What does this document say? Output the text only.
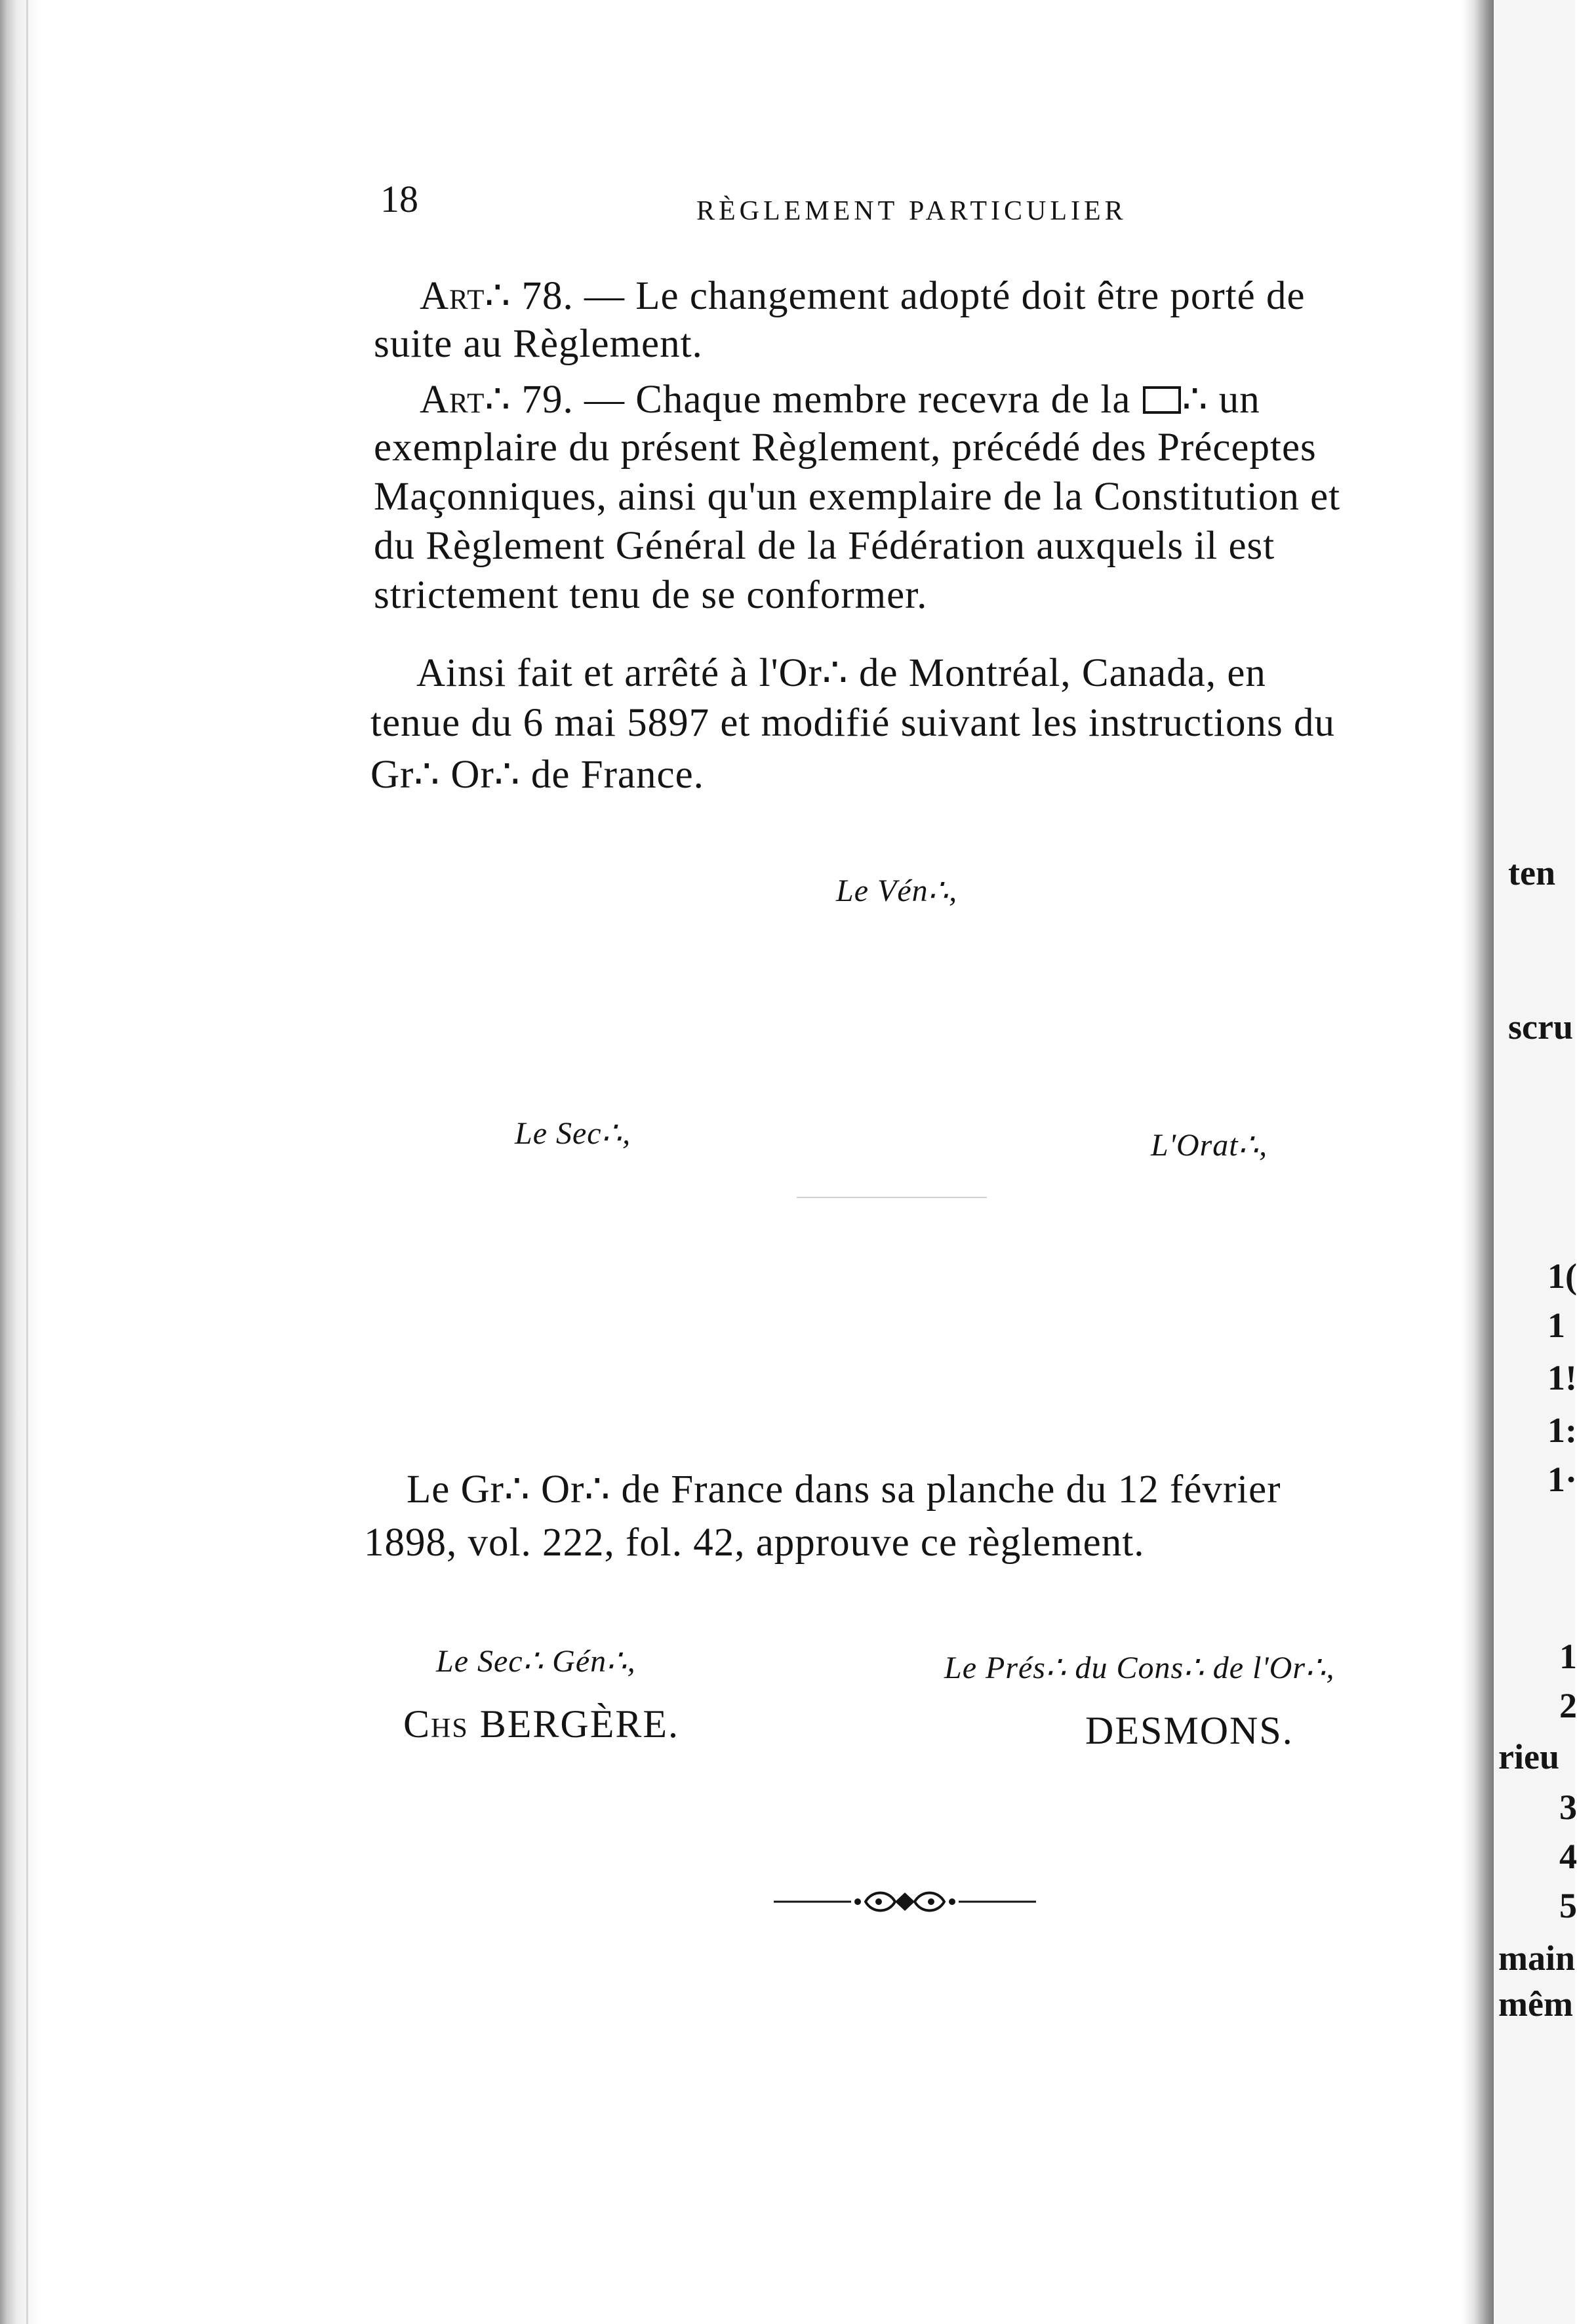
18	RÈGLEMENT PARTICULIER
Art∴ 78. — Le changement adopté doit être porté de
suite au Règlement.
Art∴ 79. — Chaque membre recevra de la ∴ un
exemplaire du présent Règlement, précédé des Préceptes
Maçonniques, ainsi qu'un exemplaire de la Constitution et
du Règlement Général de la Fédération auxquels il est
strictement tenu de se conformer.
Ainsi fait et arrêté à l'Or∴ de Montréal, Canada, en
tenue du 6 mai 5897 et modifié suivant les instructions du
Gr∴ Or∴ de France.
Le Vén∴,
Le Sec∴,	L'Orat∴,
Le Gr∴ Or∴ de France dans sa planche du 12 février
1898, vol. 222, fol. 42, approuve ce règlement.
Le Sec∴ Gén∴,	Le Prés∴ du Cons∴ de l'Or∴,
Chs BERGÈRE.	DESMONS.
ten
scru
1(
1
1!
1:
1·
1
2
rieu
3
4
5
main
mêm
